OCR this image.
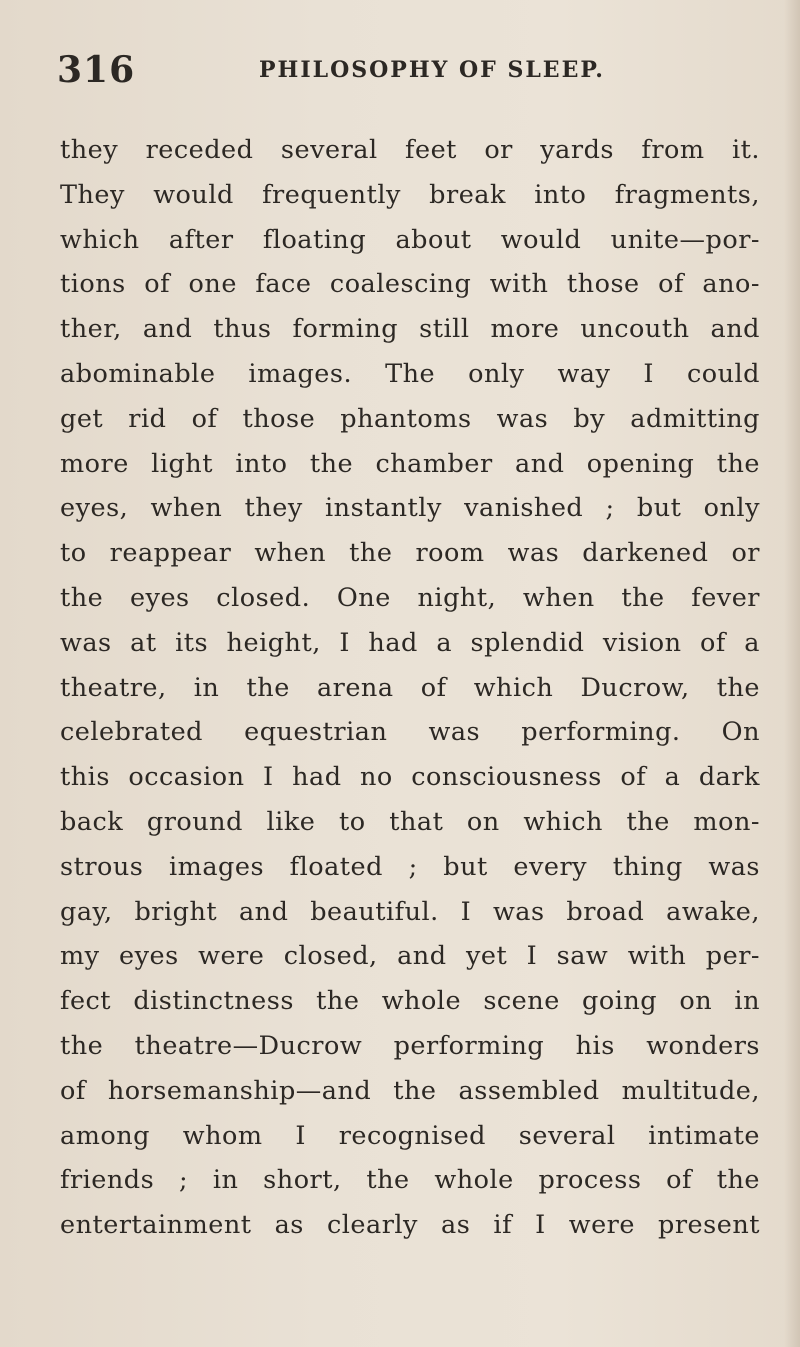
316	PHILOSOPHY OF SLEEP.
they receded several feet or yards from it.
They would frequently break into fragments,
which after floating about would unite—por-
tions of one face coalescing with those of ano-
ther, and thus forming still more uncouth and
abominable images. The only way I could
get rid of those phantoms was by admitting
more light into the chamber and opening the
eyes, when they instantly vanished ; but only
to reappear when the room was darkened or
the eyes closed. One night, when the fever
was at its height, I had a splendid vision of a
theatre, in the arena of which Ducrow, the
celebrated equestrian was performing. On
this occasion I had no consciousness of a dark
back ground like to that on which the mon-
strous images floated ; but every thing was
gay, bright and beautiful. I was broad awake,
my eyes were closed, and yet I saw with per-
fect distinctness the whole scene going on in
the theatre—Ducrow performing his wonders
of horsemanship—and the assembled multitude,
among whom I recognised several intimate
friends ; in short, the whole process of the
entertainment as clearly as if I were present
